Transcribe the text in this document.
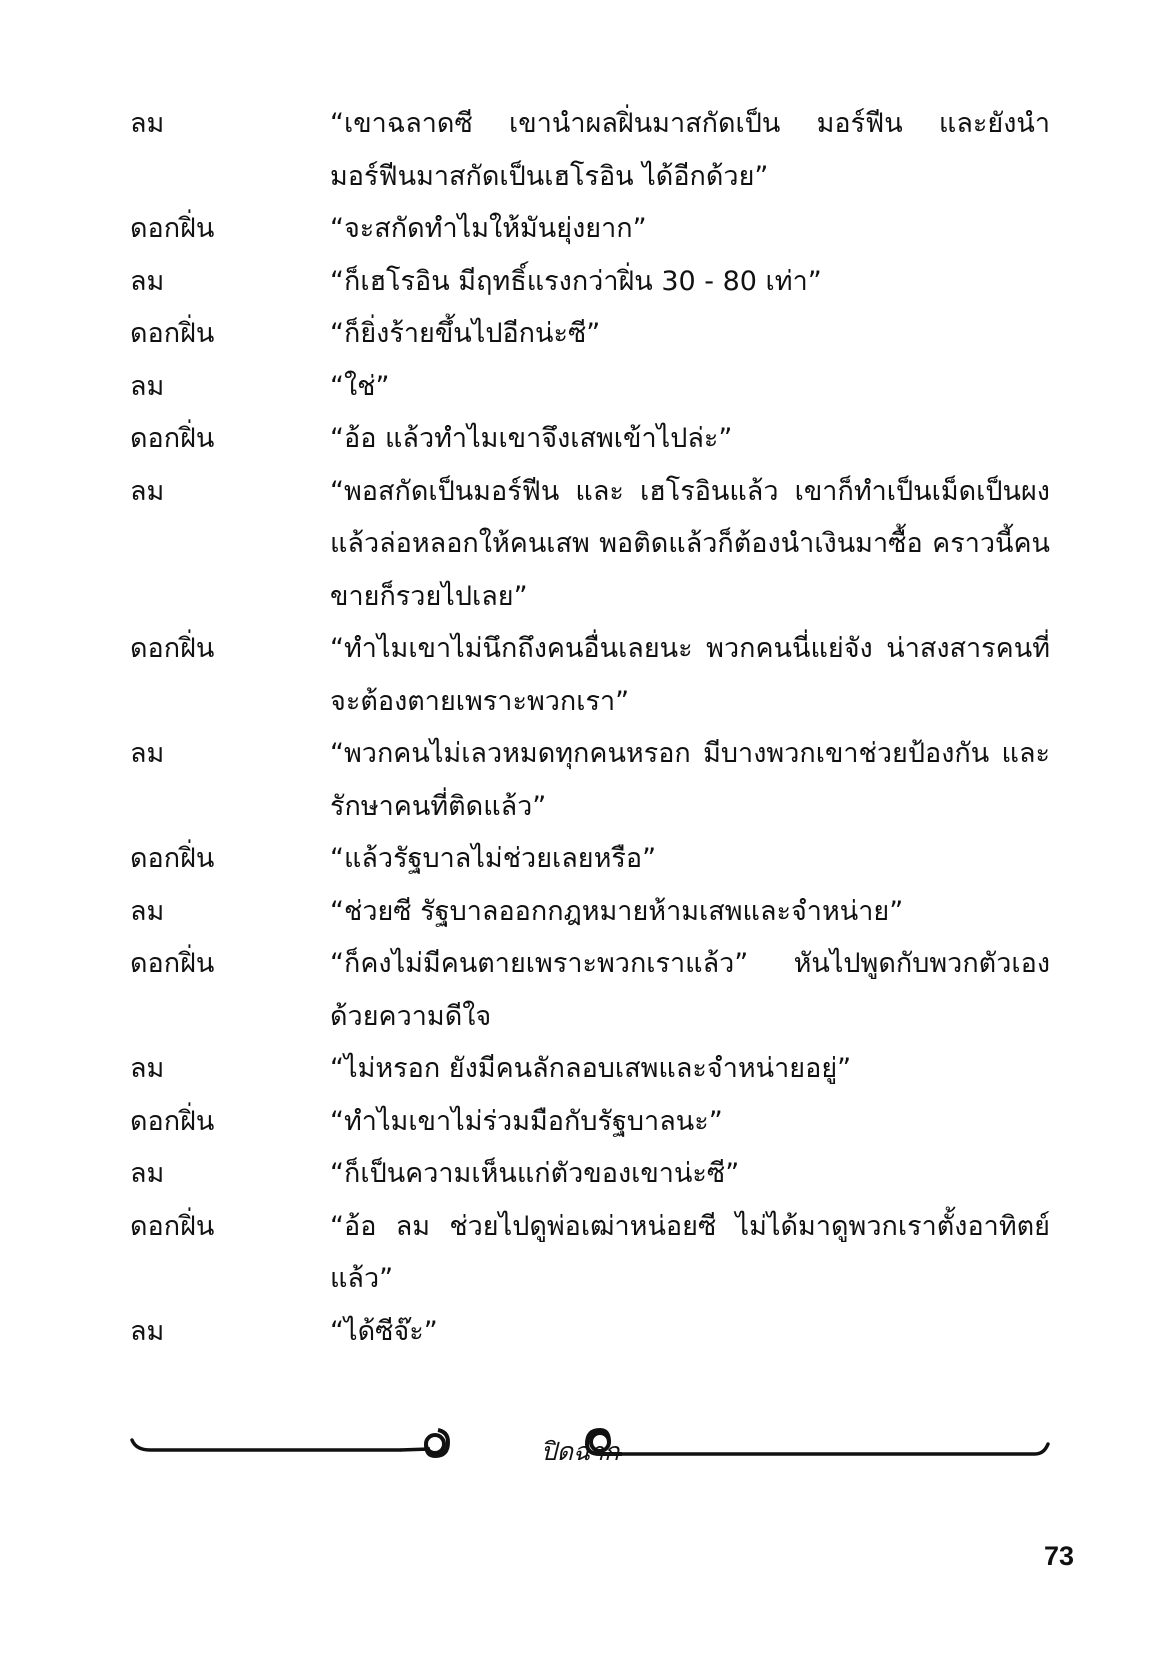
ลม	“เขาฉลาดซี เขานำผลฝิ่นมาสกัดเป็น มอร์ฟีน และยังนำมอร์ฟีนมาสกัดเป็นเฮโรอิน ได้อีกด้วย”
ดอกฝิ่น	“จะสกัดทำไมให้มันยุ่งยาก”
ลม	“ก็เฮโรอิน มีฤทธิ์แรงกว่าฝิ่น 30 - 80 เท่า”
ดอกฝิ่น	“ก็ยิ่งร้ายขึ้นไปอีกน่ะซี”
ลม	“ใช่”
ดอกฝิ่น	“อ้อ แล้วทำไมเขาจึงเสพเข้าไปล่ะ”
ลม	“พอสกัดเป็นมอร์ฟีน และ เฮโรอินแล้ว เขาก็ทำเป็นเม็ดเป็นผงแล้วล่อหลอกให้คนเสพ พอติดแล้วก็ต้องนำเงินมาซื้อ คราวนี้คนขายก็รวยไปเลย”
ดอกฝิ่น	“ทำไมเขาไม่นึกถึงคนอื่นเลยนะ พวกคนนี่แย่จัง น่าสงสารคนที่จะต้องตายเพราะพวกเรา”
ลม	“พวกคนไม่เลวหมดทุกคนหรอก มีบางพวกเขาช่วยป้องกัน และรักษาคนที่ติดแล้ว”
ดอกฝิ่น	“แล้วรัฐบาลไม่ช่วยเลยหรือ”
ลม	“ช่วยซี รัฐบาลออกกฎหมายห้ามเสพและจำหน่าย”
ดอกฝิ่น	“ก็คงไม่มีคนตายเพราะพวกเราแล้ว” หันไปพูดกับพวกตัวเองด้วยความดีใจ
ลม	“ไม่หรอก ยังมีคนลักลอบเสพและจำหน่ายอยู่”
ดอกฝิ่น	“ทำไมเขาไม่ร่วมมือกับรัฐบาลนะ”
ลม	“ก็เป็นความเห็นแก่ตัวของเขาน่ะซี”
ดอกฝิ่น	“อ้อ ลม ช่วยไปดูพ่อเฒ่าหน่อยซี ไม่ได้มาดูพวกเราตั้งอาทิตย์แล้ว”
ลม	“ได้ซีจ๊ะ”
ปิดฉาก
73
